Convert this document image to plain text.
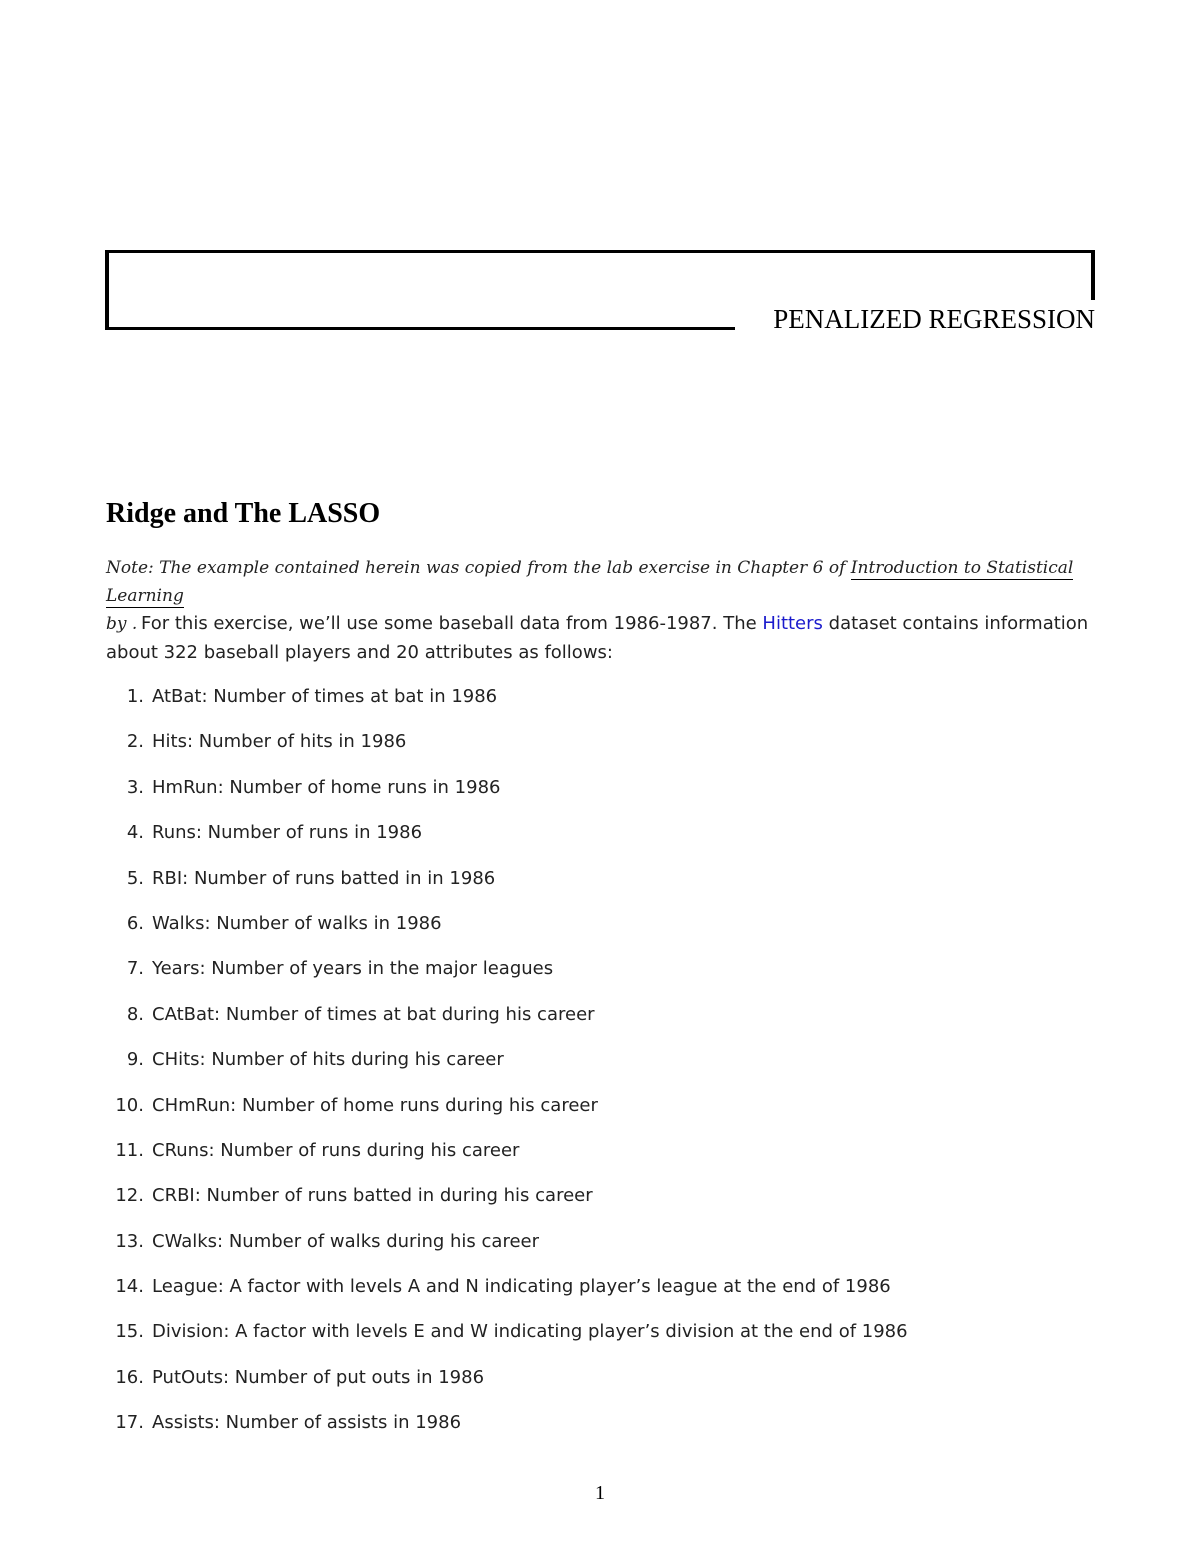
PENALIZED REGRESSION
Ridge and The LASSO
Note: The example contained herein was copied from the lab exercise in Chapter 6 of Introduction to Statistical Learning
by . For this exercise, we’ll use some baseball data from 1986-1987. The Hitters dataset contains information about 322 baseball players and 20 attributes as follows:
1. AtBat: Number of times at bat in 1986
2. Hits: Number of hits in 1986
3. HmRun: Number of home runs in 1986
4. Runs: Number of runs in 1986
5. RBI: Number of runs batted in in 1986
6. Walks: Number of walks in 1986
7. Years: Number of years in the major leagues
8. CAtBat: Number of times at bat during his career
9. CHits: Number of hits during his career
10. CHmRun: Number of home runs during his career
11. CRuns: Number of runs during his career
12. CRBI: Number of runs batted in during his career
13. CWalks: Number of walks during his career
14. League: A factor with levels A and N indicating player’s league at the end of 1986
15. Division: A factor with levels E and W indicating player’s division at the end of 1986
16. PutOuts: Number of put outs in 1986
17. Assists: Number of assists in 1986
1
